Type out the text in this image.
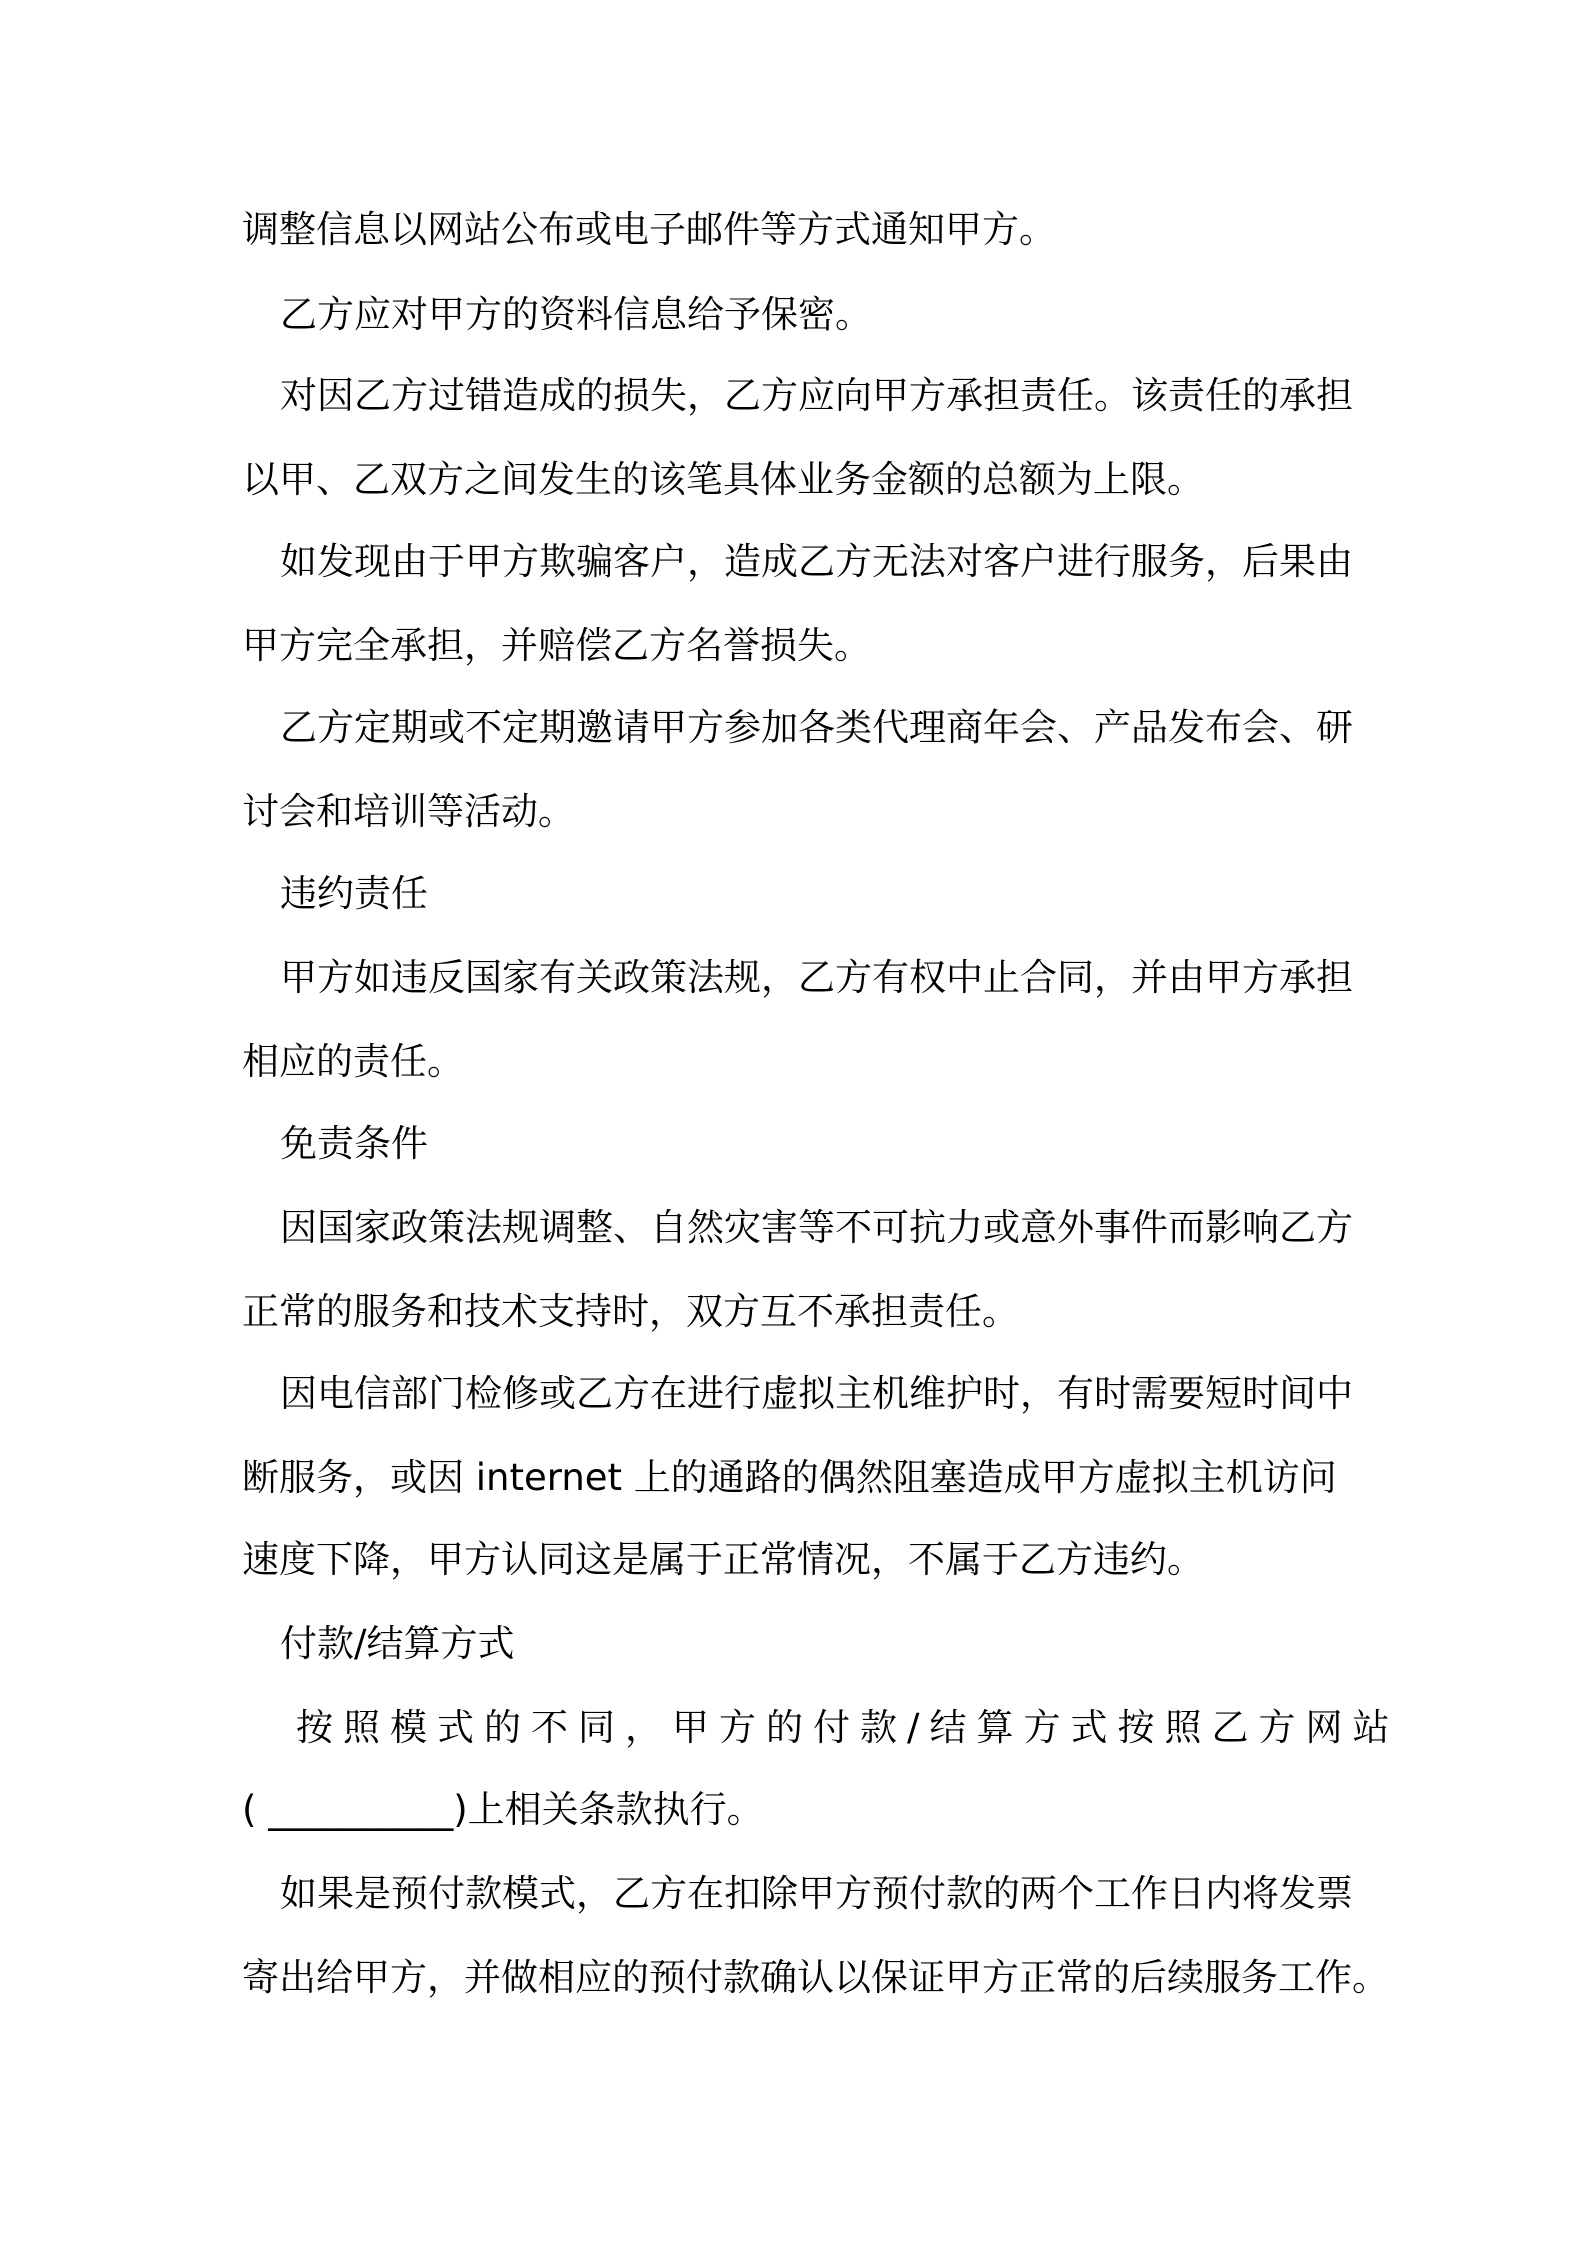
调整信息以网站公布或电子邮件等方式通知甲方。
乙方应对甲方的资料信息给予保密。
对因乙方过错造成的损失，乙方应向甲方承担责任。该责任的承担
以甲、乙双方之间发生的该笔具体业务金额的总额为上限。
如发现由于甲方欺骗客户，造成乙方无法对客户进行服务，后果由
甲方完全承担，并赔偿乙方名誉损失。
乙方定期或不定期邀请甲方参加各类代理商年会、产品发布会、研
讨会和培训等活动。
违约责任
甲方如违反国家有关政策法规，乙方有权中止合同，并由甲方承担
相应的责任。
免责条件
因国家政策法规调整、自然灾害等不可抗力或意外事件而影响乙方
正常的服务和技术支持时，双方互不承担责任。
因电信部门检修或乙方在进行虚拟主机维护时，有时需要短时间中
断服务，或因 internet 上的通路的偶然阻塞造成甲方虚拟主机访问
速度下降，甲方认同这是属于正常情况，不属于乙方违约。
付款/结算方式
按照模式的不同，甲方的付款/结算方式按照乙方网站
( __________)上相关条款执行。
如果是预付款模式，乙方在扣除甲方预付款的两个工作日内将发票
寄出给甲方，并做相应的预付款确认以保证甲方正常的后续服务工作。
